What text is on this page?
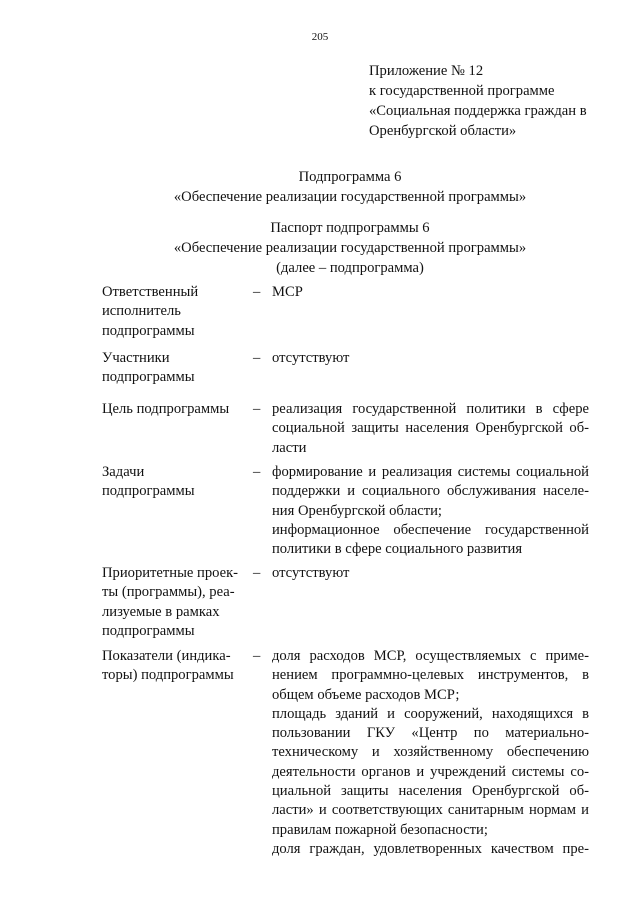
205
Приложение № 12
к государственной программе
«Социальная поддержка граждан в
Оренбургской области»
Подпрограмма 6
«Обеспечение реализации государственной программы»
Паспорт подпрограммы 6
«Обеспечение реализации государственной программы»
(далее – подпрограмма)
Ответственный
исполнитель
подпрограммы
– МСР
Участники
подпрограммы
– отсутствуют
Цель подпрограммы	– реализация государственной политики в сфере
социальной защиты населения Оренбургской об-
ласти
Задачи
подпрограммы
– формирование и реализация системы социальной
поддержки и социального обслуживания населе-
ния Оренбургской области;
информационное обеспечение государственной
политики в сфере социального развития
Приоритетные проек-
ты (программы), реа-
лизуемые в рамках
подпрограммы
– отсутствуют
Показатели (индика-
торы) подпрограммы
– доля расходов МСР, осуществляемых с приме-
нением программно-целевых инструментов, в
общем объеме расходов МСР;
площадь зданий и сооружений, находящихся в
пользовании ГКУ «Центр по материально-
техническому и хозяйственному обеспечению
деятельности органов и учреждений системы со-
циальной защиты населения Оренбургской об-
ласти» и соответствующих санитарным нормам и
правилам пожарной безопасности;
доля граждан, удовлетворенных качеством пре-
